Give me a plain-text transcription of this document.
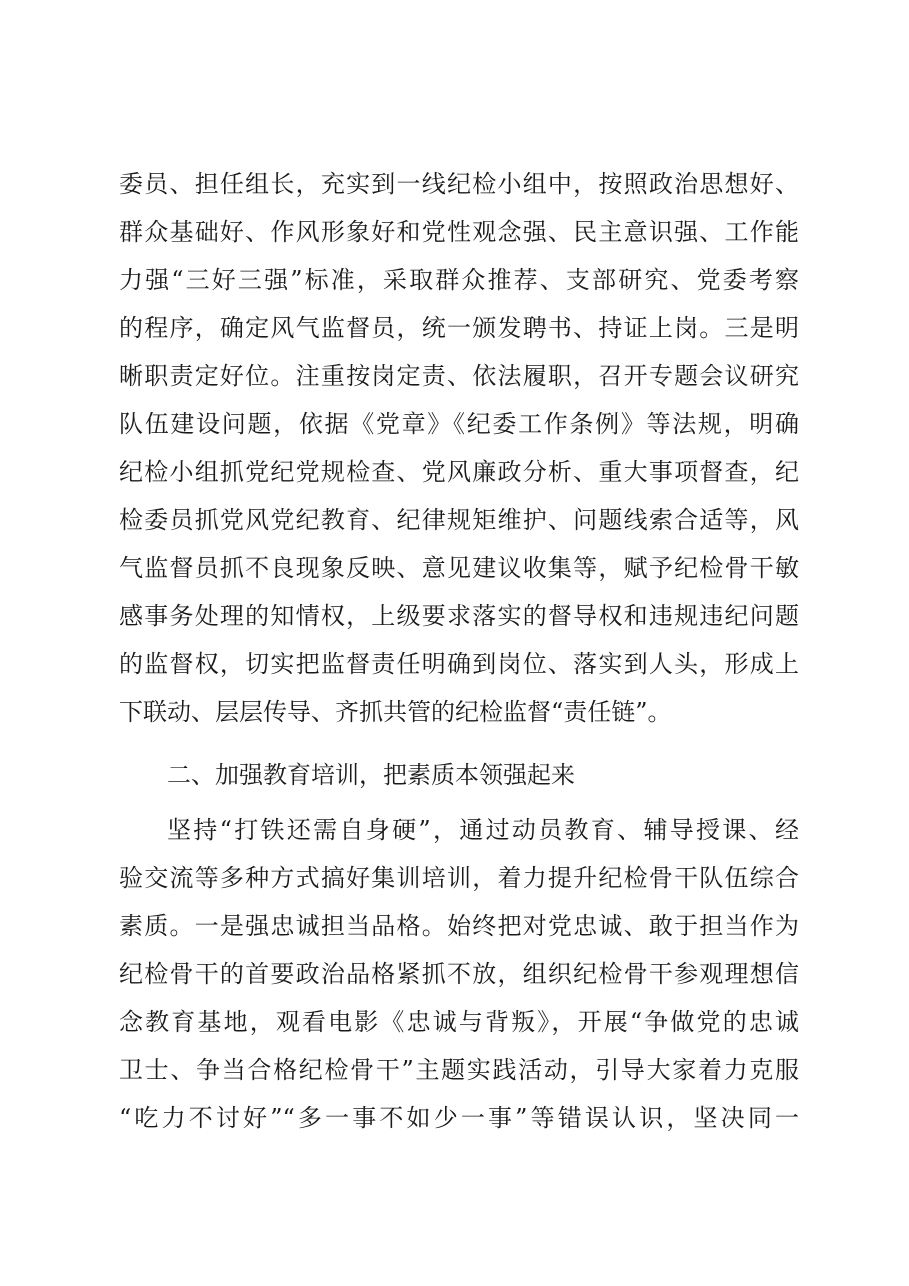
委员、担任组长，充实到一线纪检小组中，按照政治思想好、
群众基础好、作风形象好和党性观念强、民主意识强、工作能
力强“三好三强”标准，采取群众推荐、支部研究、党委考察
的程序，确定风气监督员，统一颁发聘书、持证上岗。三是明
晰职责定好位。注重按岗定责、依法履职，召开专题会议研究
队伍建设问题，依据《党章》《纪委工作条例》等法规，明确
纪检小组抓党纪党规检查、党风廉政分析、重大事项督查，纪
检委员抓党风党纪教育、纪律规矩维护、问题线索合适等，风
气监督员抓不良现象反映、意见建议收集等，赋予纪检骨干敏
感事务处理的知情权，上级要求落实的督导权和违规违纪问题
的监督权，切实把监督责任明确到岗位、落实到人头，形成上
下联动、层层传导、齐抓共管的纪检监督“责任链”。
二、加强教育培训，把素质本领强起来
坚持“打铁还需自身硬”，通过动员教育、辅导授课、经
验交流等多种方式搞好集训培训，着力提升纪检骨干队伍综合
素质。一是强忠诚担当品格。始终把对党忠诚、敢于担当作为
纪检骨干的首要政治品格紧抓不放，组织纪检骨干参观理想信
念教育基地，观看电影《忠诚与背叛》，开展“争做党的忠诚
卫士、争当合格纪检骨干”主题实践活动，引导大家着力克服
“吃力不讨好”“多一事不如少一事”等错误认识，坚决同一
